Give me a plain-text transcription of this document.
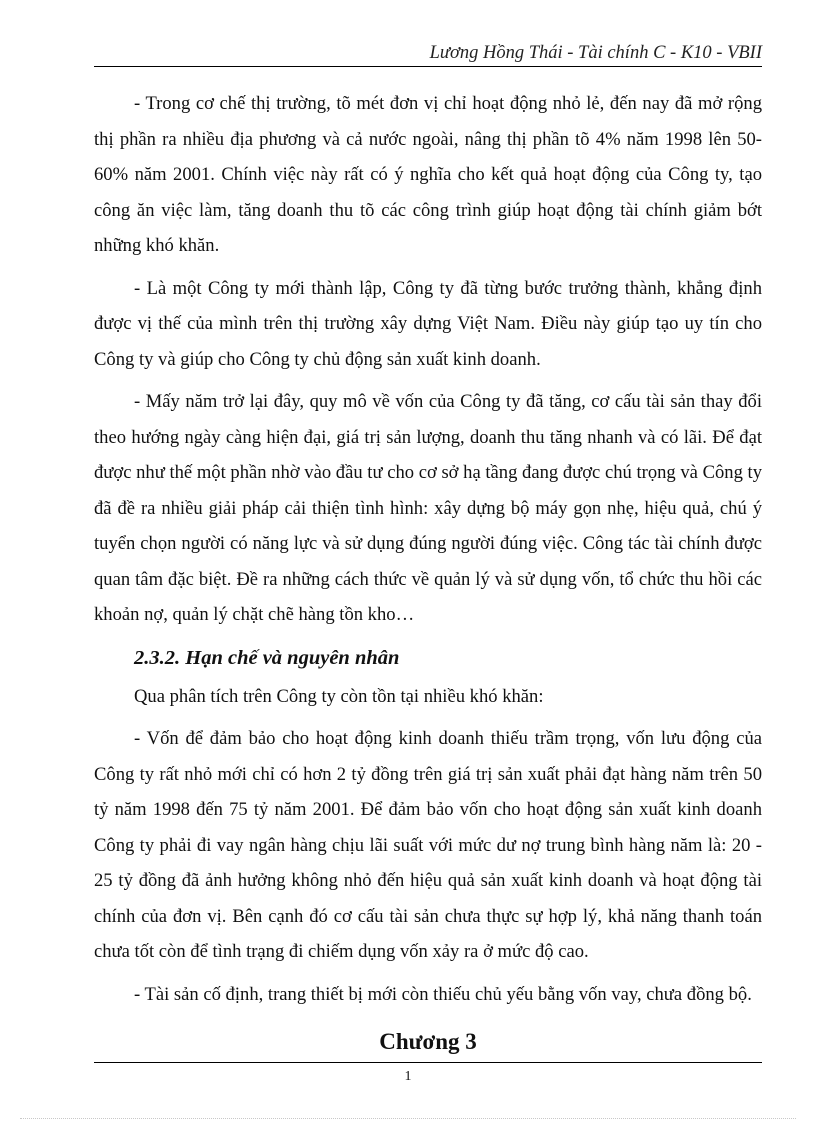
Lương Hồng Thái - Tài chính C - K10 - VBII

- Trong cơ chế thị trường, tõ mét đơn vị chỉ hoạt động nhỏ lẻ, đến nay đã mở rộng thị phần ra nhiều địa phương và cả nước ngoài, nâng thị phần tõ 4% năm 1998 lên 50-60% năm 2001. Chính việc này rất có ý nghĩa cho kết quả hoạt động của Công ty, tạo công ăn việc làm, tăng doanh thu tõ các công trình giúp hoạt động tài chính giảm bớt những khó khăn.

- Là một Công ty mới thành lập, Công ty đã từng bước trưởng thành, khẳng định được vị thế của mình trên thị trường xây dựng Việt Nam. Điều này giúp tạo uy tín cho Công ty và giúp cho Công ty chủ động sản xuất kinh doanh.

- Mấy năm trở lại đây, quy mô về vốn của Công ty đã tăng, cơ cấu tài sản thay đổi theo hướng ngày càng hiện đại, giá trị sản lượng, doanh thu tăng nhanh và có lãi. Để đạt được như thế một phần nhờ vào đầu tư cho cơ sở hạ tầng đang được chú trọng và Công ty đã đề ra nhiều giải pháp cải thiện tình hình: xây dựng bộ máy gọn nhẹ, hiệu quả, chú ý tuyển chọn người có năng lực và sử dụng đúng người đúng việc. Công tác tài chính được quan tâm đặc biệt. Đề ra những cách thức về quản lý và sử dụng vốn, tổ chức thu hồi các khoản nợ, quản lý chặt chẽ hàng tồn kho…

2.3.2. Hạn chế và nguyên nhân

Qua phân tích trên Công ty còn tồn tại nhiều khó khăn:

- Vốn để đảm bảo cho hoạt động kinh doanh thiếu trầm trọng, vốn lưu động của Công ty rất nhỏ mới chỉ có hơn 2 tỷ đồng trên giá trị sản xuất phải đạt hàng năm trên 50 tỷ năm 1998 đến 75 tỷ năm 2001. Để đảm bảo vốn cho hoạt động sản xuất kinh doanh Công ty phải đi vay ngân hàng chịu lãi suất với mức dư nợ trung bình hàng năm là: 20 - 25 tỷ đồng đã ảnh hưởng không nhỏ đến hiệu quả sản xuất kinh doanh và hoạt động tài chính của đơn vị. Bên cạnh đó cơ cấu tài sản chưa thực sự hợp lý, khả năng thanh toán chưa tốt còn để tình trạng đi chiếm dụng vốn xảy ra ở mức độ cao.

- Tài sản cố định, trang thiết bị mới còn thiếu chủ yếu bằng vốn vay, chưa đồng bộ.

Chương 3
1
